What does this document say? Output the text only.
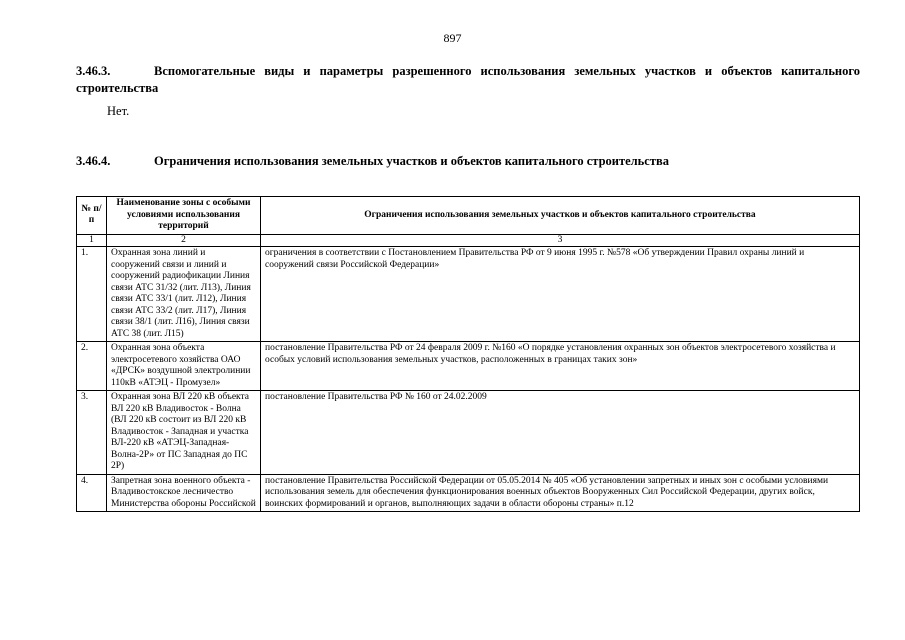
897
3.46.3.	Вспомогательные виды и параметры разрешенного использования земельных участков и объектов капитального строительства
Нет.
3.46.4.	Ограничения использования земельных участков и объектов капитального строительства
№ п/п	Наименование зоны с особыми условиями использования территорий	Ограничения использования земельных участков и объектов капитального строительства
1	2	3
1.	Охранная зона линий и сооружений связи и линий и сооружений радиофикации Линия связи АТС 31/32 (лит. Л13), Линия связи АТС 33/1 (лит. Л12), Линия связи АТС 33/2 (лит. Л17), Линия связи 38/1 (лит. Л16), Линия связи АТС 38 (лит. Л15)	ограничения в соответствии с Постановлением Правительства РФ от 9 июня 1995 г. №578 «Об утверждении Правил охраны линий и сооружений связи Российской Федерации»
2.	Охранная зона объекта электросетевого хозяйства ОАО «ДРСК» воздушной электролинии 110кВ «АТЭЦ - Промузел»	постановление Правительства РФ от 24 февраля 2009 г. №160 «О порядке установления охранных зон объектов электросетевого хозяйства и особых условий использования земельных участков, расположенных в границах таких зон»
3.	Охранная зона ВЛ 220 кВ объекта ВЛ 220 кВ Владивосток - Волна (ВЛ 220 кВ состоит из ВЛ 220 кВ Владивосток - Западная и участка ВЛ-220 кВ «АТЭЦ-Западная-Волна-2Р» от ПС Западная до ПС 2Р)	постановление Правительства РФ № 160 от 24.02.2009
4.	Запретная зона военного объекта - Владивостокское лесничество Министерства обороны Российской	постановление Правительства Российской Федерации от 05.05.2014 № 405 «Об установлении запретных и иных зон с особыми условиями использования земель для обеспечения функционирования военных объектов Вооруженных Сил Российской Федерации, других войск, воинских формирований и органов, выполняющих задачи в области обороны страны» п.12
